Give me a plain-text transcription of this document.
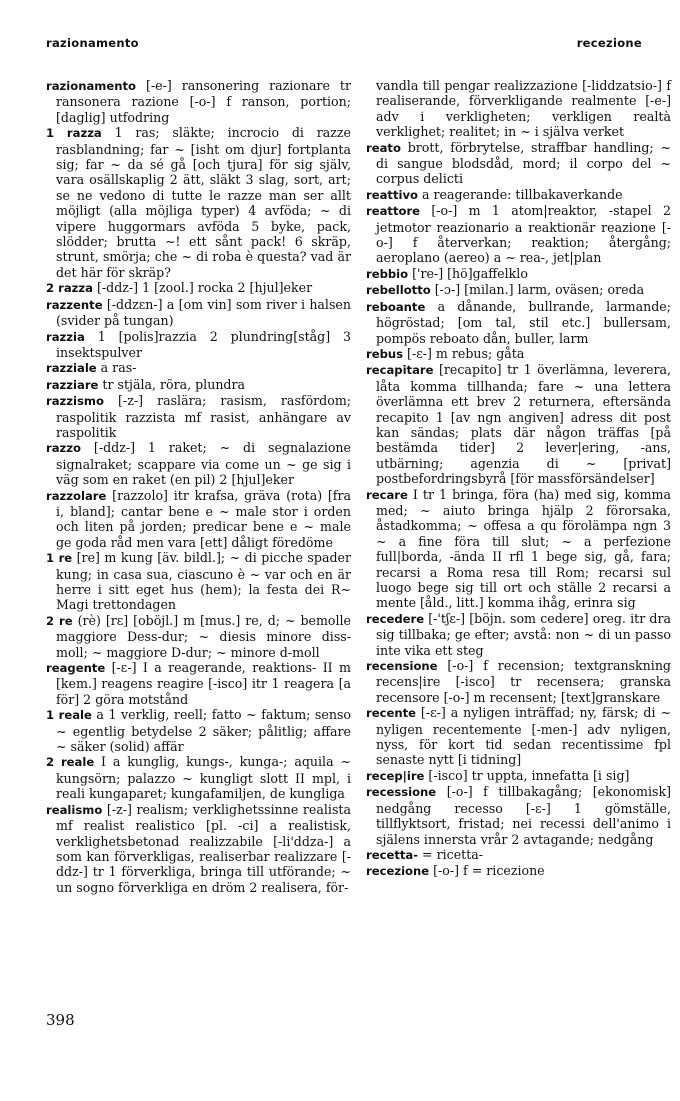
razionamento	recezione

razionamento [-e-] ransonering razionare tr ransonera razione [-o-] f ranson, portion; [daglig] utfodring

1 razza 1 ras; släkte; incrocio di razze rasblandning; far ~ [isht om djur] fortplanta sig; far ~ da sé gå [och tjura] för sig själv, vara osällskaplig 2 ätt, släkt 3 slag, sort, art; se ne vedono di tutte le razze man ser allt möjligt (alla möjliga typer) 4 avföda; ~ di vipere huggormars avföda 5 byke, pack, slödder; brutta ~! ett sånt pack! 6 skräp, strunt, smörja; che ~ di roba è questa? vad är det här för skräp?

2 razza [-ddz-] 1 [zool.] rocka 2 [hjul]eker

razzente [-ddzɛn-] a [om vin] som river i halsen (svider på tungan)

razzia 1 [polis]razzia 2 plundring[ståg] 3 insektspulver

razziale a ras-

razziare tr stjäla, röra, plundra

razzismo [-z-] raslära; rasism, rasfördom; raspolitik razzista mf rasist, anhängare av raspolitik

razzo [-ddz-] 1 raket; ~ di segnalazione signalraket; scappare via come un ~ ge sig i väg som en raket (en pil) 2 [hjul]eker

razzolare [razzolo] itr krafsa, gräva (rota) [fra i, bland]; cantar bene e ~ male stor i orden och liten på jorden; predicar bene e ~ male ge goda råd men vara [ett] dåligt föredöme

1 re [re] m kung [äv. bildl.]; ~ di picche spader kung; in casa sua, ciascuno è ~ var och en är herre i sitt eget hus (hem); la festa dei R~ Magi trettondagen

2 re (rè) [rɛ] [oböjl.] m [mus.] re, d; ~ bemolle maggiore Dess-dur; ~ diesis minore diss-moll; ~ maggiore D-dur; ~ minore d-moll

reagente [-ɛ-] I a reagerande, reaktions- II m [kem.] reagens reagire [-isco] itr 1 reagera [a för] 2 göra motstånd

1 reale a 1 verklig, reell; fatto ~ faktum; senso ~ egentlig betydelse 2 säker; pålitlig; affare ~ säker (solid) affär

2 reale I a kunglig, kungs-, kunga-; aquila ~ kungsörn; palazzo ~ kungligt slott II mpl, i reali kungaparet; kungafamiljen, de kungliga

realismo [-z-] realism; verklighetssinne realista mf realist realistico [pl. -ci] a realistisk, verklighetsbetonad realizzabile [-li'ddza-] a som kan förverkligas, realiserbar realizzare [-ddz-] tr 1 förverkliga, bringa till utförande; ~ un sogno förverkliga en dröm 2 realisera, för-

vandla till pengar realizzazione [-liddzatsio-] f realiserande, förverkligande realmente [-e-] adv i verkligheten; verkligen realtà verklighet; realitet; in ~ i själva verket

reato brott, förbrytelse, straffbar handling; ~ di sangue blodsdåd, mord; il corpo del ~ corpus delicti

reattivo a reagerande: tillbakaverkande

reattore [-o-] m 1 atom|reaktor, -stapel 2 jetmotor reazionario a reaktionär reazione [-o-] f återverkan; reaktion; återgång; aeroplano (aereo) a ~ rea-, jet|plan

rebbio ['re-] [hö]gaffelklo

rebellotto [-ɔ-] [milan.] larm, oväsen; oreda

reboante a dånande, bullrande, larmande; högröstad; [om tal, stil etc.] bullersam, pompös reboato dån, buller, larm

rebus [-ɛ-] m rebus; gåta

recapitare [recapito] tr 1 överlämna, leverera, låta komma tillhanda; fare ~ una lettera överlämna ett brev 2 returnera, eftersända recapito 1 [av ngn angiven] adress dit post kan sändas; plats där någon träffas [på bestämda tider] 2 lever|ering, -ans, utbärning; agenzia di ~ [privat] postbefordringsbyrå [för massförsändelser]

recare I tr 1 bringa, föra (ha) med sig, komma med; ~ aiuto bringa hjälp 2 förorsaka, åstadkomma; ~ offesa a qu förolämpa ngn 3 ~ a fine föra till slut; ~ a perfezione full|borda, -ända II rfl 1 bege sig, gå, fara; recarsi a Roma resa till Rom; recarsi sul luogo bege sig till ort och ställe 2 recarsi a mente [åld., litt.] komma ihåg, erinra sig

recedere [-'tʃɛ-] [böjn. som cedere] oreg. itr dra sig tillbaka; ge efter; avstå: non ~ di un passo inte vika ett steg

recensione [-o-] f recension; textgranskning recens|ire [-isco] tr recensera; granska recensore [-o-] m recensent; [text]granskare

recente [-ɛ-] a nyligen inträffad; ny, färsk; di ~ nyligen recentemente [-men-] adv nyligen, nyss, för kort tid sedan recentissime fpl senaste nytt [i tidning]

recep|ire [-isco] tr uppta, innefatta [i sig]

recessione [-o-] f tillbakagång; [ekonomisk] nedgång recesso [-ɛ-] 1 gömställe, tillflyktsort, fristad; nei recessi dell'animo i själens innersta vrår 2 avtagande; nedgång

recetta- = ricetta-

recezione [-o-] f = ricezione

398
